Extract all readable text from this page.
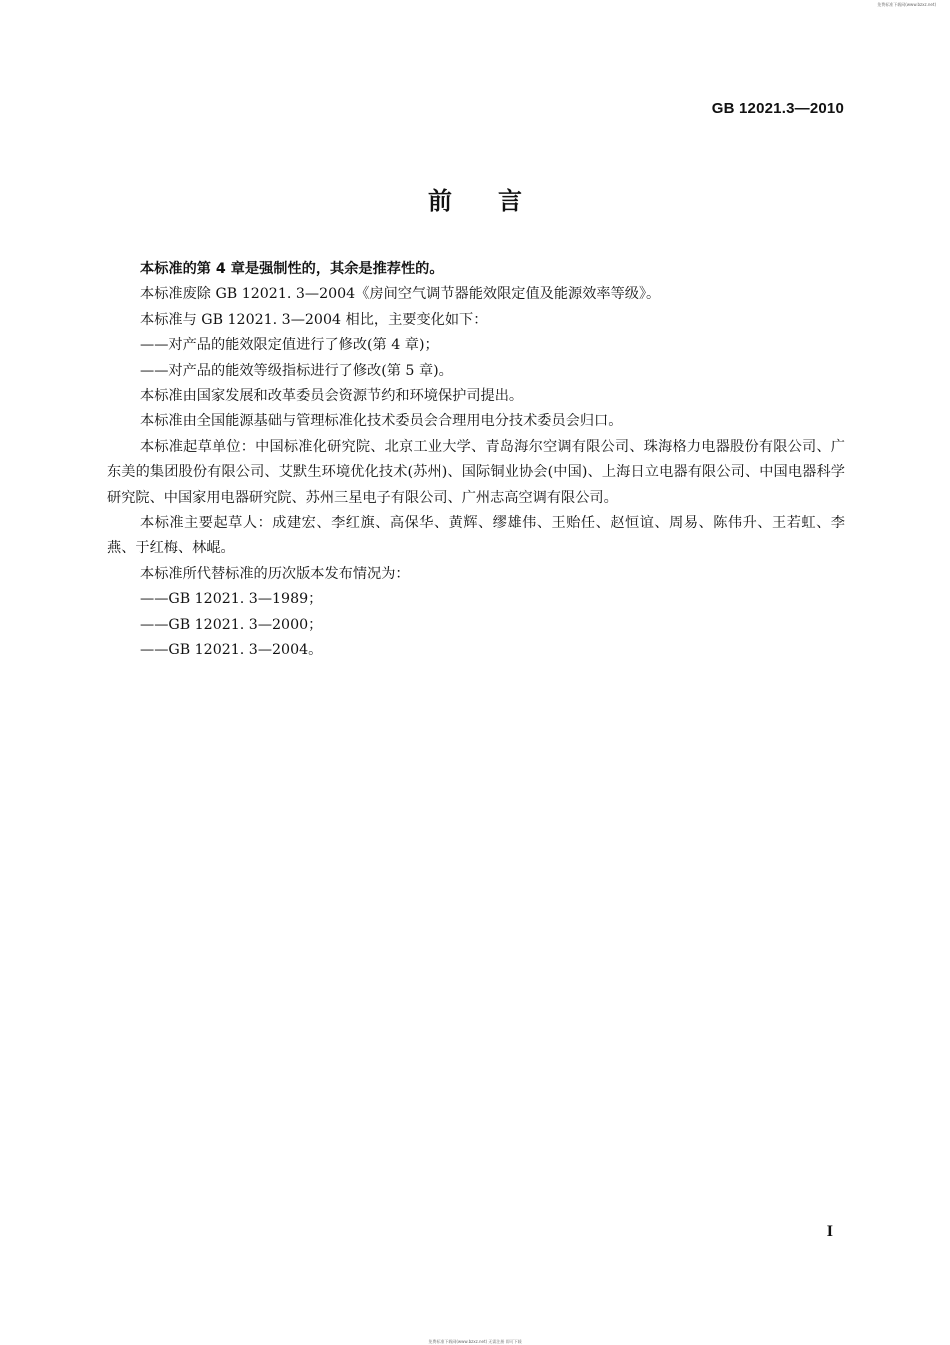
免费标准下载网(www.bzxz.net)
GB 12021.3—2010
前言

本标准的第 4 章是强制性的，其余是推荐性的。

本标准废除 GB 12021. 3—2004《房间空气调节器能效限定值及能源效率等级》。

本标准与 GB 12021. 3—2004 相比，主要变化如下：

——对产品的能效限定值进行了修改(第 4 章)；

——对产品的能效等级指标进行了修改(第 5 章)。

本标准由国家发展和改革委员会资源节约和环境保护司提出。

本标准由全国能源基础与管理标准化技术委员会合理用电分技术委员会归口。

本标准起草单位：中国标准化研究院、北京工业大学、青岛海尔空调有限公司、珠海格力电器股份有限公司、广东美的集团股份有限公司、艾默生环境优化技术(苏州)、国际铜业协会(中国)、上海日立电器有限公司、中国电器科学研究院、中国家用电器研究院、苏州三星电子有限公司、广州志高空调有限公司。

本标准主要起草人：成建宏、李红旗、高保华、黄辉、缪雄伟、王贻任、赵恒谊、周易、陈伟升、王若虹、李燕、于红梅、林崐。

本标准所代替标准的历次版本发布情况为：

——GB 12021. 3—1989；

——GB 12021. 3—2000；

——GB 12021. 3—2004。

I
免费标准下载网(www.bzxz.net) 无需注册 即可下载
